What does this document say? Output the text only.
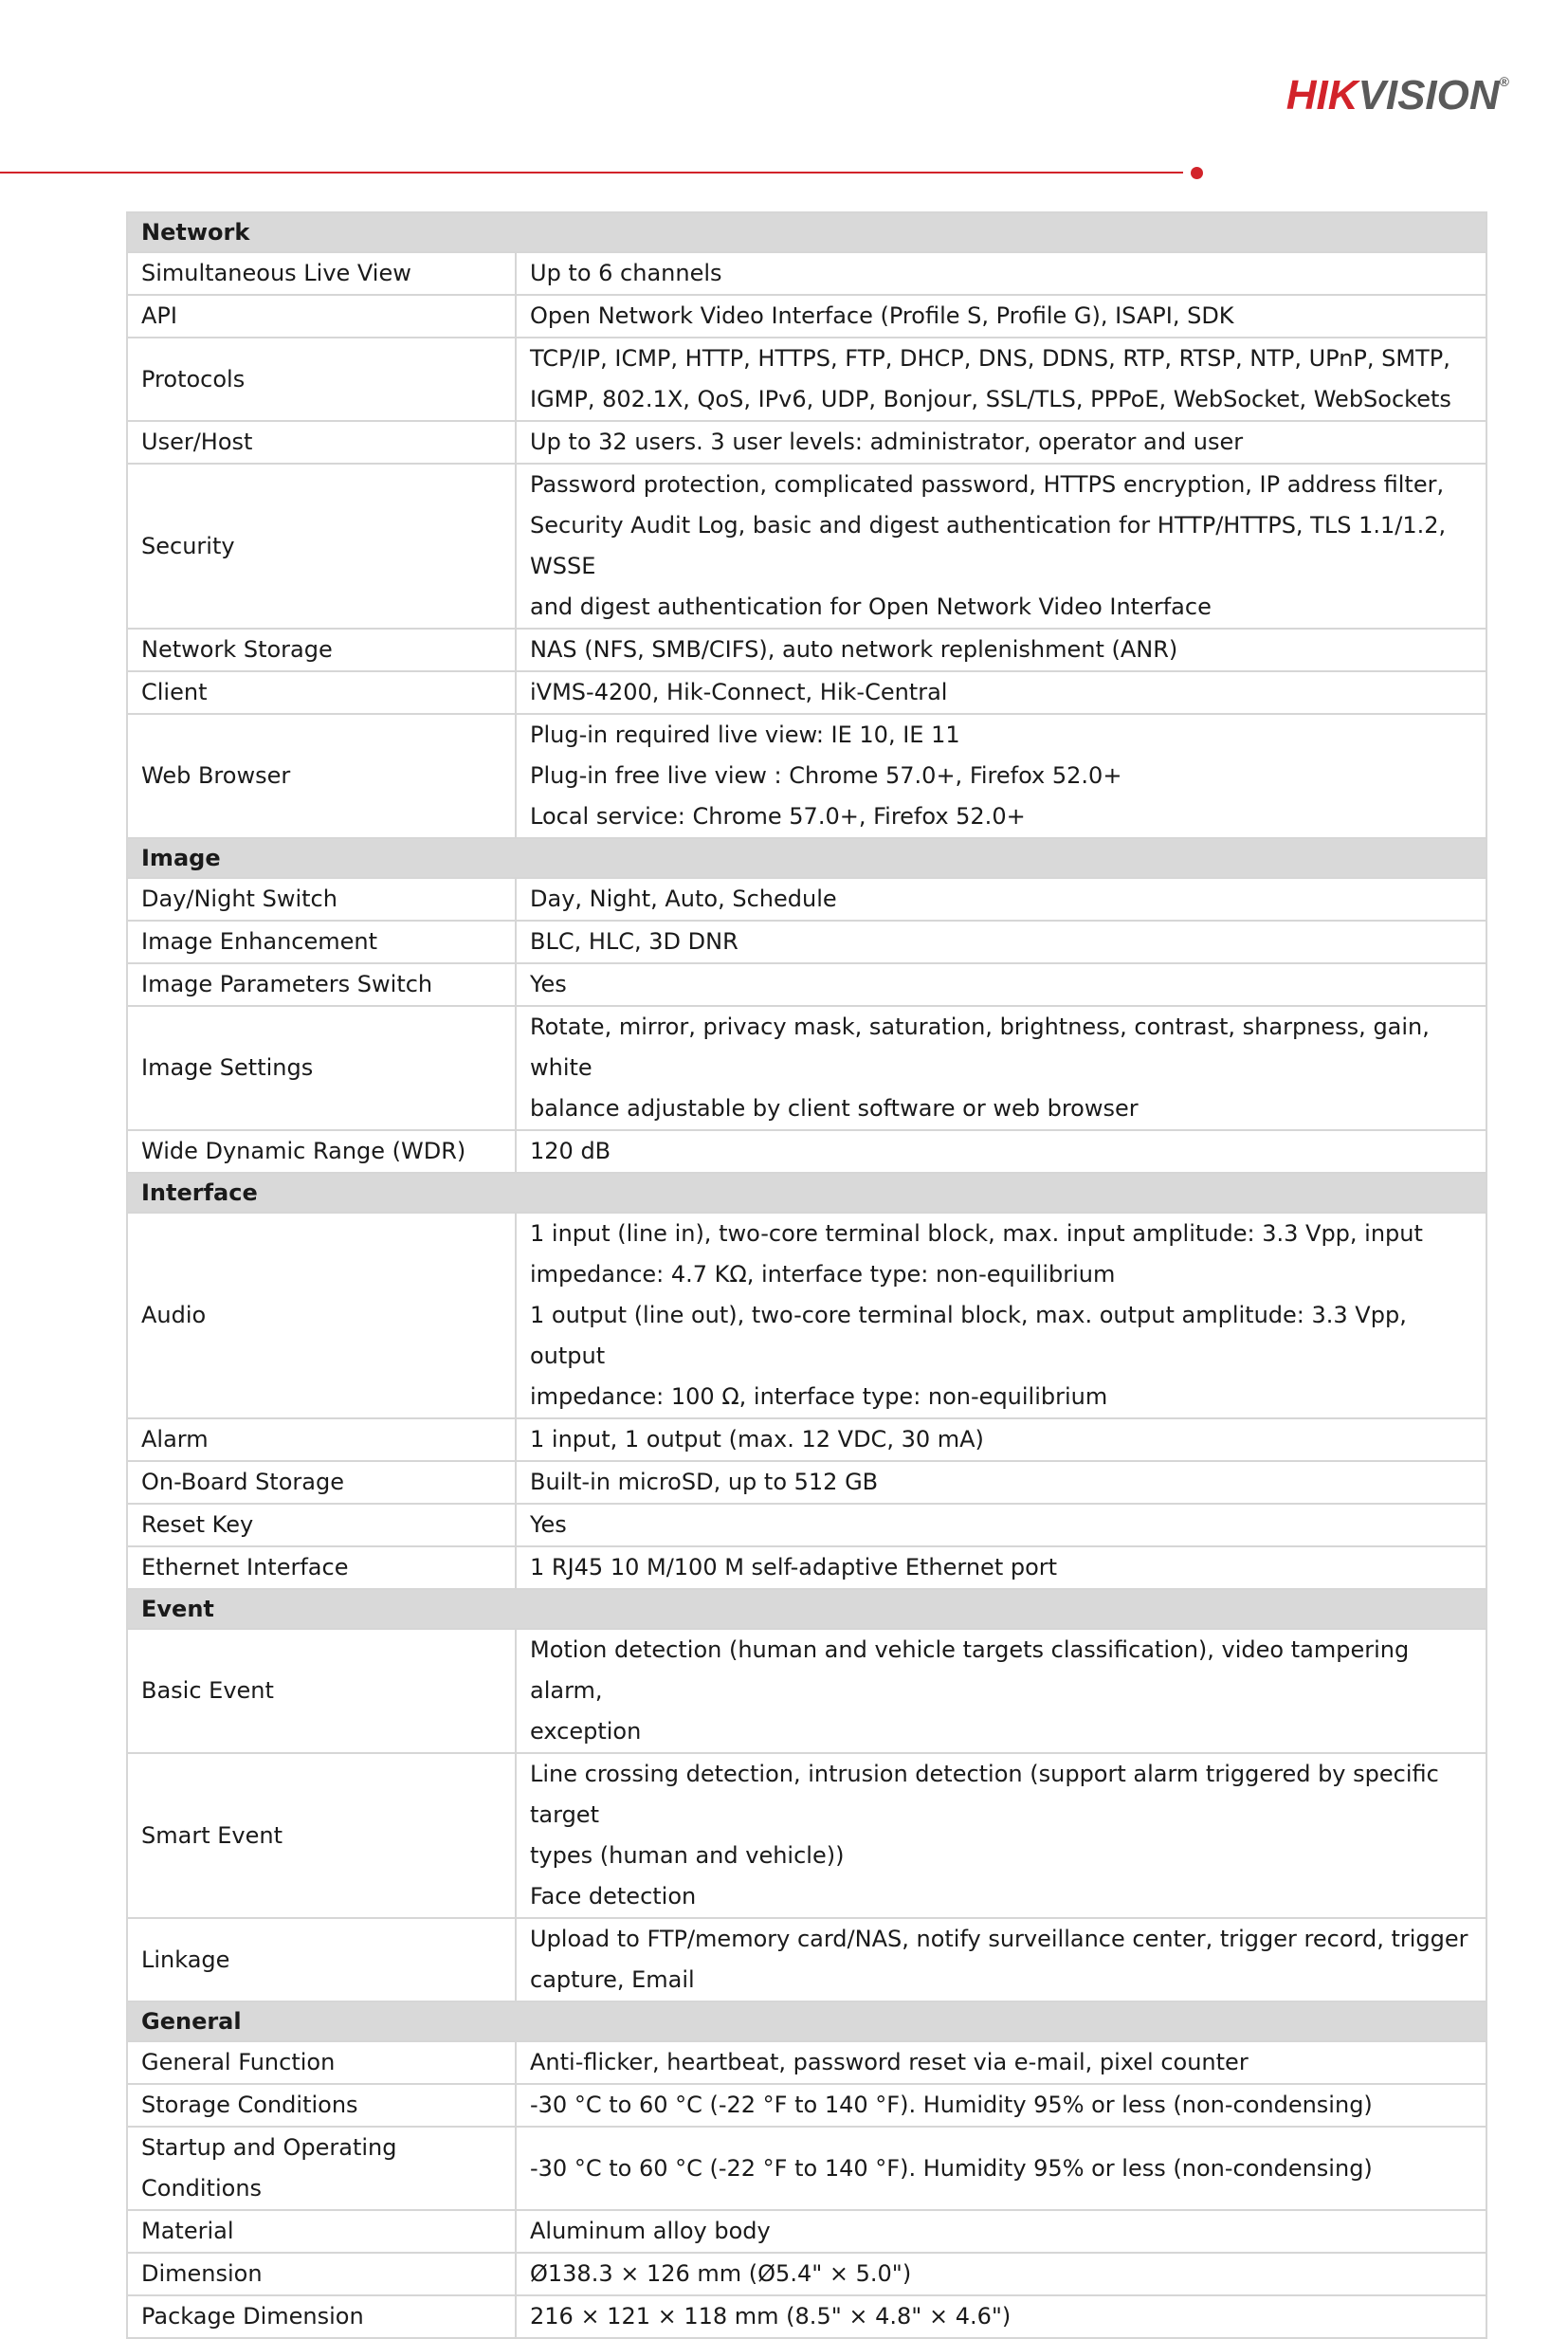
HIKVISION®
Network	

Simultaneous Live View	Up to 6 channels

API	Open Network Video Interface (Profile S, Profile G), ISAPI, SDK

Protocols	TCP/IP, ICMP, HTTP, HTTPS, FTP, DHCP, DNS, DDNS, RTP, RTSP, NTP, UPnP, SMTP,
IGMP, 802.1X, QoS, IPv6, UDP, Bonjour, SSL/TLS, PPPoE, WebSocket, WebSockets

User/Host	Up to 32 users. 3 user levels: administrator, operator and user

Security	Password protection, complicated password, HTTPS encryption, IP address filter,
Security Audit Log, basic and digest authentication for HTTP/HTTPS, TLS 1.1/1.2, WSSE
and digest authentication for Open Network Video Interface

Network Storage	NAS (NFS, SMB/CIFS), auto network replenishment (ANR)

Client	iVMS-4200, Hik-Connect, Hik-Central

Web Browser	Plug-in required live view: IE 10, IE 11
Plug-in free live view : Chrome 57.0+, Firefox 52.0+
Local service: Chrome 57.0+, Firefox 52.0+

Image	

Day/Night Switch	Day, Night, Auto, Schedule

Image Enhancement	BLC, HLC, 3D DNR

Image Parameters Switch	Yes

Image Settings	Rotate, mirror, privacy mask, saturation, brightness, contrast, sharpness, gain, white
balance adjustable by client software or web browser

Wide Dynamic Range (WDR)	120 dB

Interface	

Audio	1 input (line in), two-core terminal block, max. input amplitude: 3.3 Vpp, input
impedance: 4.7 KΩ, interface type: non-equilibrium
1 output (line out), two-core terminal block, max. output amplitude: 3.3 Vpp, output
impedance: 100 Ω, interface type: non-equilibrium

Alarm	1 input, 1 output (max. 12 VDC, 30 mA)

On-Board Storage	Built-in microSD, up to 512 GB

Reset Key	Yes

Ethernet Interface	1 RJ45 10 M/100 M self-adaptive Ethernet port

Event	

Basic Event	Motion detection (human and vehicle targets classification), video tampering alarm,
exception

Smart Event	Line crossing detection, intrusion detection (support alarm triggered by specific target
types (human and vehicle))
Face detection

Linkage	Upload to FTP/memory card/NAS, notify surveillance center, trigger record, trigger
capture, Email

General	

General Function	Anti-flicker, heartbeat, password reset via e-mail, pixel counter

Storage Conditions	-30 °C to 60 °C (-22 °F to 140 °F). Humidity 95% or less (non-condensing)

Startup and Operating
Conditions	-30 °C to 60 °C (-22 °F to 140 °F). Humidity 95% or less (non-condensing)

Material	Aluminum alloy body

Dimension	Ø138.3 × 126 mm (Ø5.4" × 5.0")

Package Dimension	216 × 121 × 118 mm (8.5" × 4.8" × 4.6")
